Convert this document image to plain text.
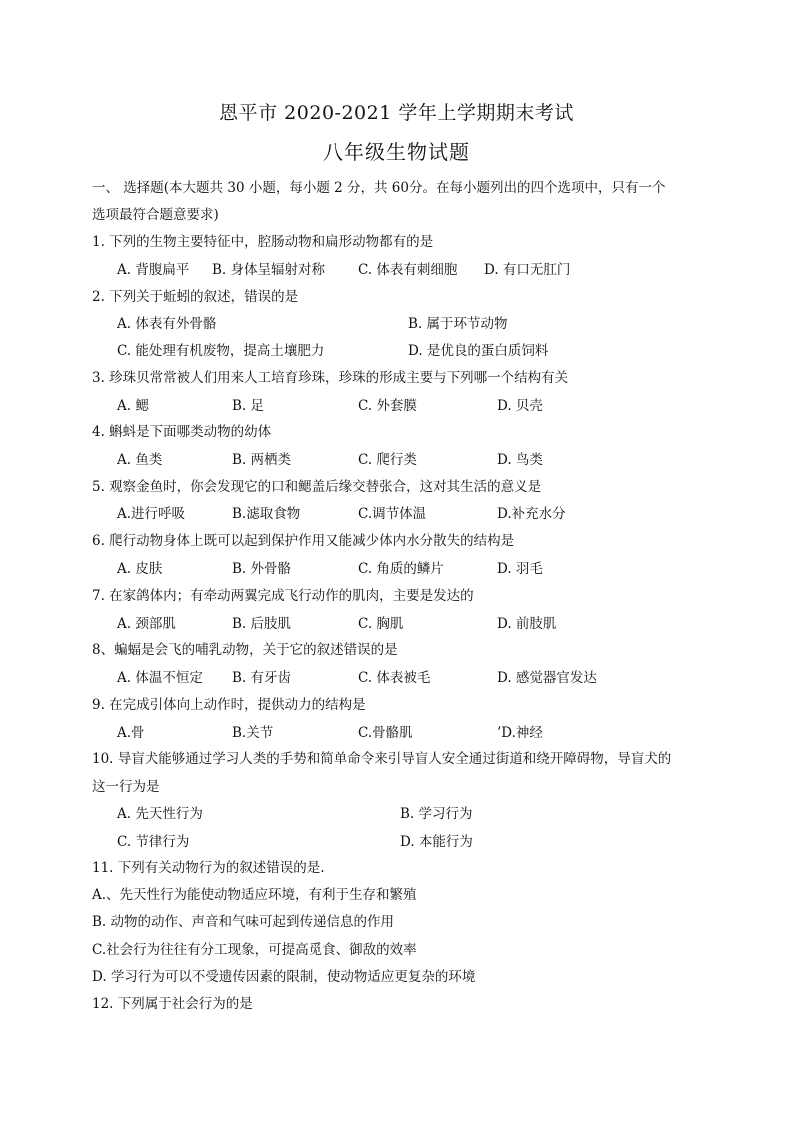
恩平市 2020-2021 学年上学期期末考试
八年级生物试题
一、 选择题(本大题共 30 小题，每小题 2 分，共 60分。在每小题列出的四个选项中，只有一个
选项最符合题意要求)
1. 下列的生物主要特征中，腔肠动物和扁形动物都有的是
A. 背腹扁平 B. 身体呈辐射对称 C. 体表有刺细胞 D. 有口无肛门
2. 下列关于蚯蚓的叙述，错误的是
A. 体表有外骨骼	B. 属于环节动物
C. 能处理有机废物，提高土壤肥力	D. 是优良的蛋白质饲料
3. 珍珠贝常常被人们用来人工培育珍珠，珍珠的形成主要与下列哪一个结构有关
A. 鳃	B. 足	C. 外套膜	D. 贝壳
4. 蝌蚪是下面哪类动物的幼体
A. 鱼类	B. 两栖类	C. 爬行类	D. 鸟类
5. 观察金鱼时，你会发现它的口和鳃盖后缘交替张合，这对其生活的意义是
A.进行呼吸	B.滤取食物	C.调节体温	D.补充水分
6. 爬行动物身体上既可以起到保护作用又能减少体内水分散失的结构是
A. 皮肤	B. 外骨骼	C. 角质的鳞片	D. 羽毛
7. 在家鸽体内；有牵动两翼完成飞行动作的肌肉，主要是发达的
A. 颈部肌	B. 后肢肌	C. 胸肌	D. 前肢肌
8、蝙蝠是会飞的哺乳动物，关于它的叙述错误的是
A. 体温不恒定 B. 有牙齿	C. 体表被毛	D. 感觉器官发达
9. 在完成引体向上动作时，提供动力的结构是
A.骨	B.关节	C.骨骼肌	’D.神经
10. 导盲犬能够通过学习人类的手势和简单命令来引导盲人安全通过街道和绕开障碍物，导盲犬的
这一行为是
A. 先天性行为	B. 学习行为
C. 节律行为	D. 本能行为
11. 下列有关动物行为的叙述错误的是.
A.、先天性行为能使动物适应环境，有利于生存和繁殖
B. 动物的动作、声音和气味可起到传递信息的作用
C.社会行为往往有分工现象，可提高觅食、御敌的效率
D. 学习行为可以不受遗传因素的限制，使动物适应更复杂的环境
12. 下列属于社会行为的是
